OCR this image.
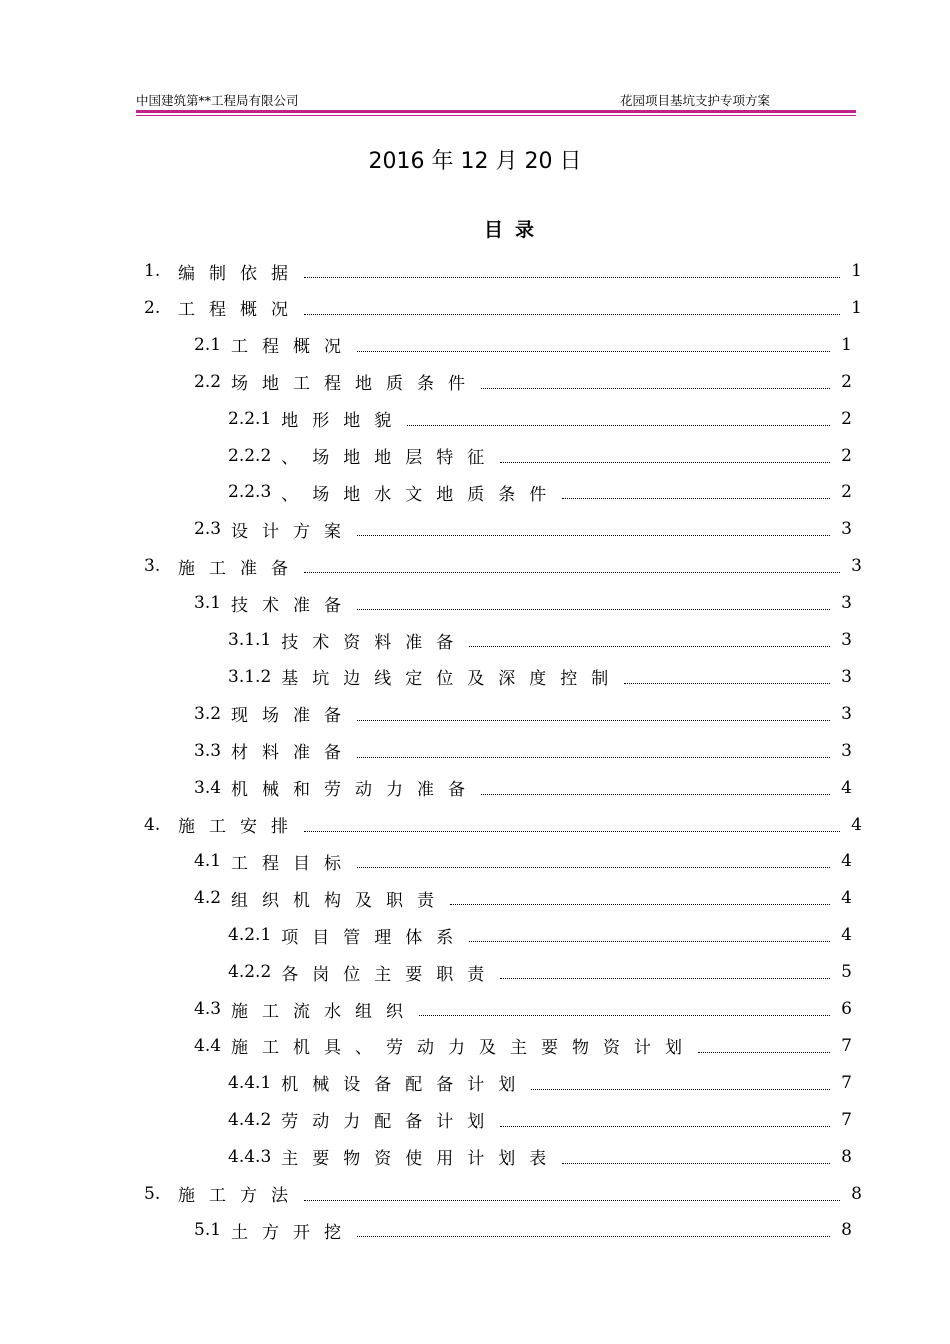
中国建筑第**工程局有限公司	花园项目基坑支护专项方案
2016 年 12 月 20 日
目录
1.	编制依据	1
2.	工程概况	1
2.1 工程概况	1
2.2 场地工程地质条件	2
2.2.1 地形地貌	2
2.2.2 、场地地层特征	2
2.2.3 、场地水文地质条件	2
2.3 设计方案	3
3.	施工准备	3
3.1 技术准备	3
3.1.1 技术资料准备	3
3.1.2 基坑边线定位及深度控制	3
3.2 现场准备	3
3.3 材料准备	3
3.4 机械和劳动力准备	4
4.	施工安排	4
4.1 工程目标	4
4.2 组织机构及职责	4
4.2.1 项目管理体系	4
4.2.2 各岗位主要职责	5
4.3 施工流水组织	6
4.4 施工机具、劳动力及主要物资计划	7
4.4.1 机械设备配备计划	7
4.4.2 劳动力配备计划	7
4.4.3 主要物资使用计划表	8
5.	施工方法	8
5.1 土方开挖	8
